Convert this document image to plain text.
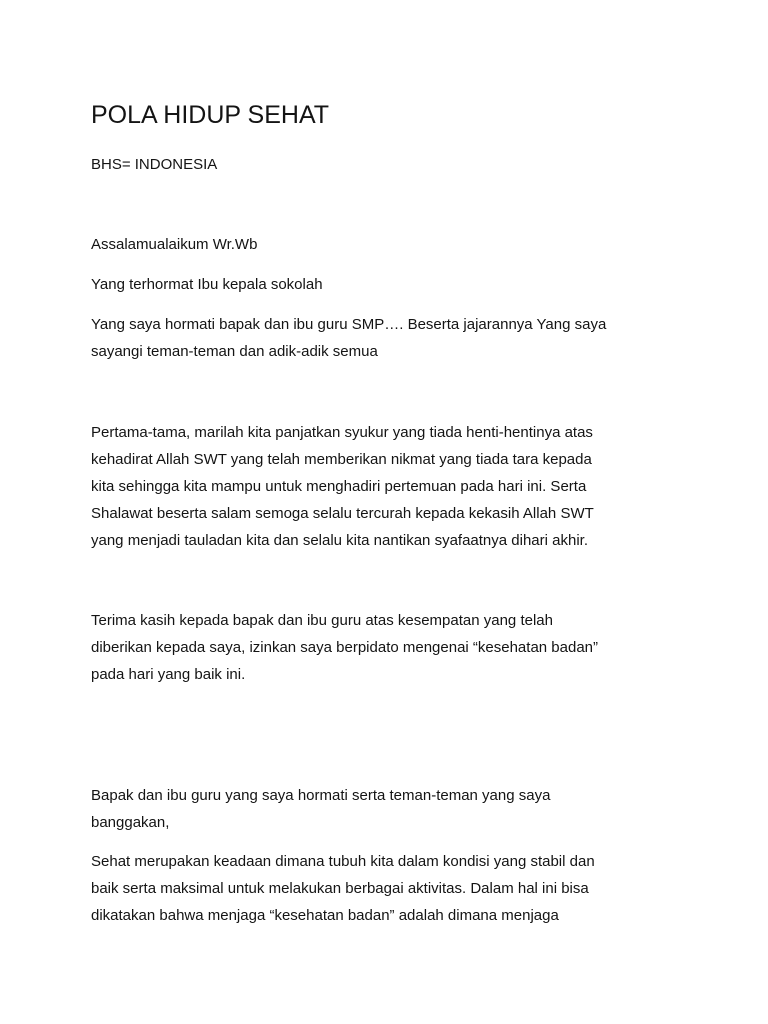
POLA HIDUP SEHAT
BHS= INDONESIA
Assalamualaikum Wr.Wb
Yang terhormat Ibu kepala sokolah
Yang saya hormati bapak dan ibu guru SMP…. Beserta jajarannya Yang saya
sayangi teman-teman dan adik-adik semua
Pertama-tama, marilah kita panjatkan syukur yang tiada henti-hentinya atas
kehadirat Allah SWT yang telah memberikan nikmat yang tiada tara kepada
kita sehingga kita mampu untuk menghadiri pertemuan pada hari ini. Serta
Shalawat beserta salam semoga selalu tercurah kepada kekasih Allah SWT
yang menjadi tauladan kita dan selalu kita nantikan syafaatnya dihari akhir.
Terima kasih kepada bapak dan ibu guru atas kesempatan yang telah
diberikan kepada saya, izinkan saya berpidato mengenai “kesehatan badan”
pada hari yang baik ini.
Bapak dan ibu guru yang saya hormati serta teman-teman yang saya
banggakan,
Sehat merupakan keadaan dimana tubuh kita dalam kondisi yang stabil dan
baik serta maksimal untuk melakukan berbagai aktivitas. Dalam hal ini bisa
dikatakan bahwa menjaga “kesehatan badan” adalah dimana menjaga
